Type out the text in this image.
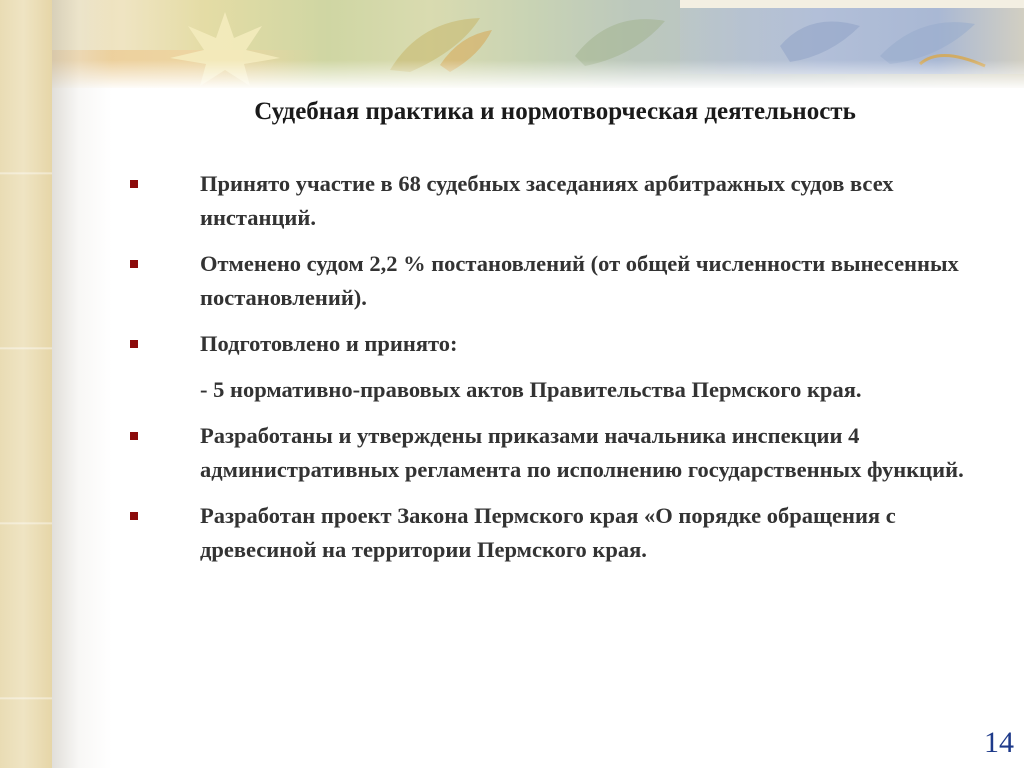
Судебная практика и нормотворческая деятельность
Принято участие в 68 судебных заседаниях арбитражных судов всех инстанций.
Отменено судом 2,2 % постановлений (от общей численности вынесенных постановлений).
Подготовлено и принято:
- 5 нормативно-правовых актов Правительства Пермского края.
Разработаны и утверждены приказами начальника инспекции 4 административных регламента по исполнению государственных функций.
Разработан проект Закона Пермского края «О порядке обращения с древесиной на территории Пермского края.
14
